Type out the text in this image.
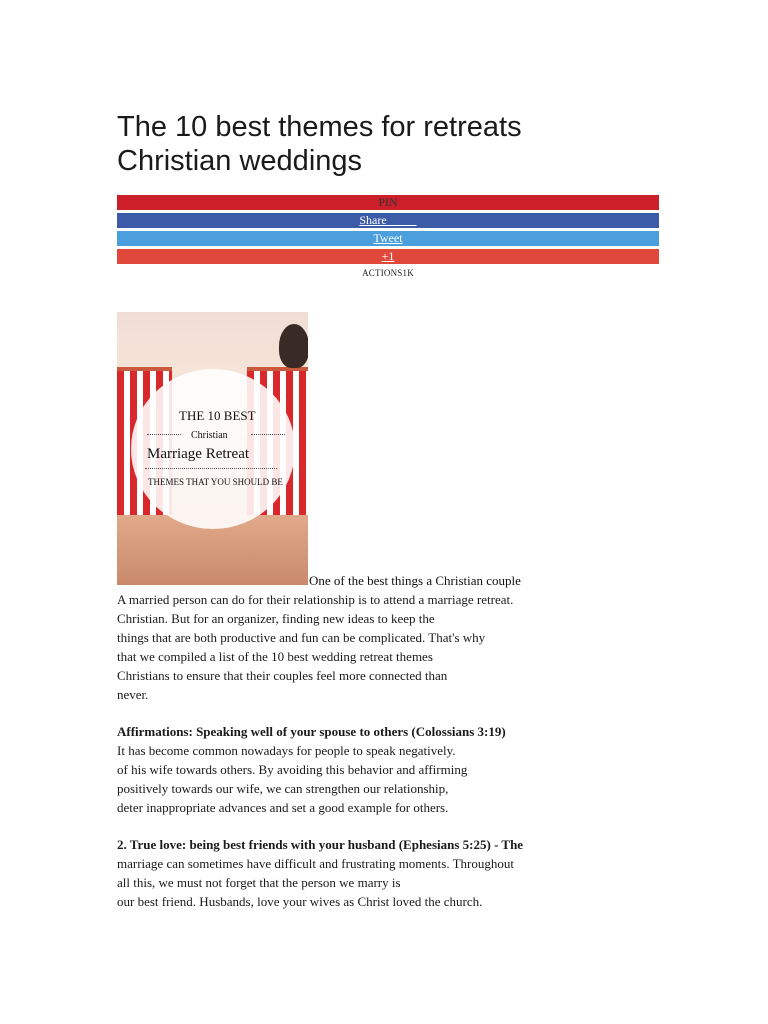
The 10 best themes for retreats
Christian weddings
PIN
Share
Tweet
+1
ACTIONS1K
THE 10 BEST
Christian
Marriage Retreat
THEMES THAT YOU SHOULD BE
One of the best things a Christian couple
A married person can do for their relationship is to attend a marriage retreat.
Christian. But for an organizer, finding new ideas to keep the
things that are both productive and fun can be complicated. That's why
that we compiled a list of the 10 best wedding retreat themes
Christians to ensure that their couples feel more connected than
never.
Affirmations: Speaking well of your spouse to others (Colossians 3:19)
It has become common nowadays for people to speak negatively.
of his wife towards others. By avoiding this behavior and affirming
positively towards our wife, we can strengthen our relationship,
deter inappropriate advances and set a good example for others.
2. True love: being best friends with your husband (Ephesians 5:25) - The
marriage can sometimes have difficult and frustrating moments. Throughout
all this, we must not forget that the person we marry is
our best friend. Husbands, love your wives as Christ loved the church.
